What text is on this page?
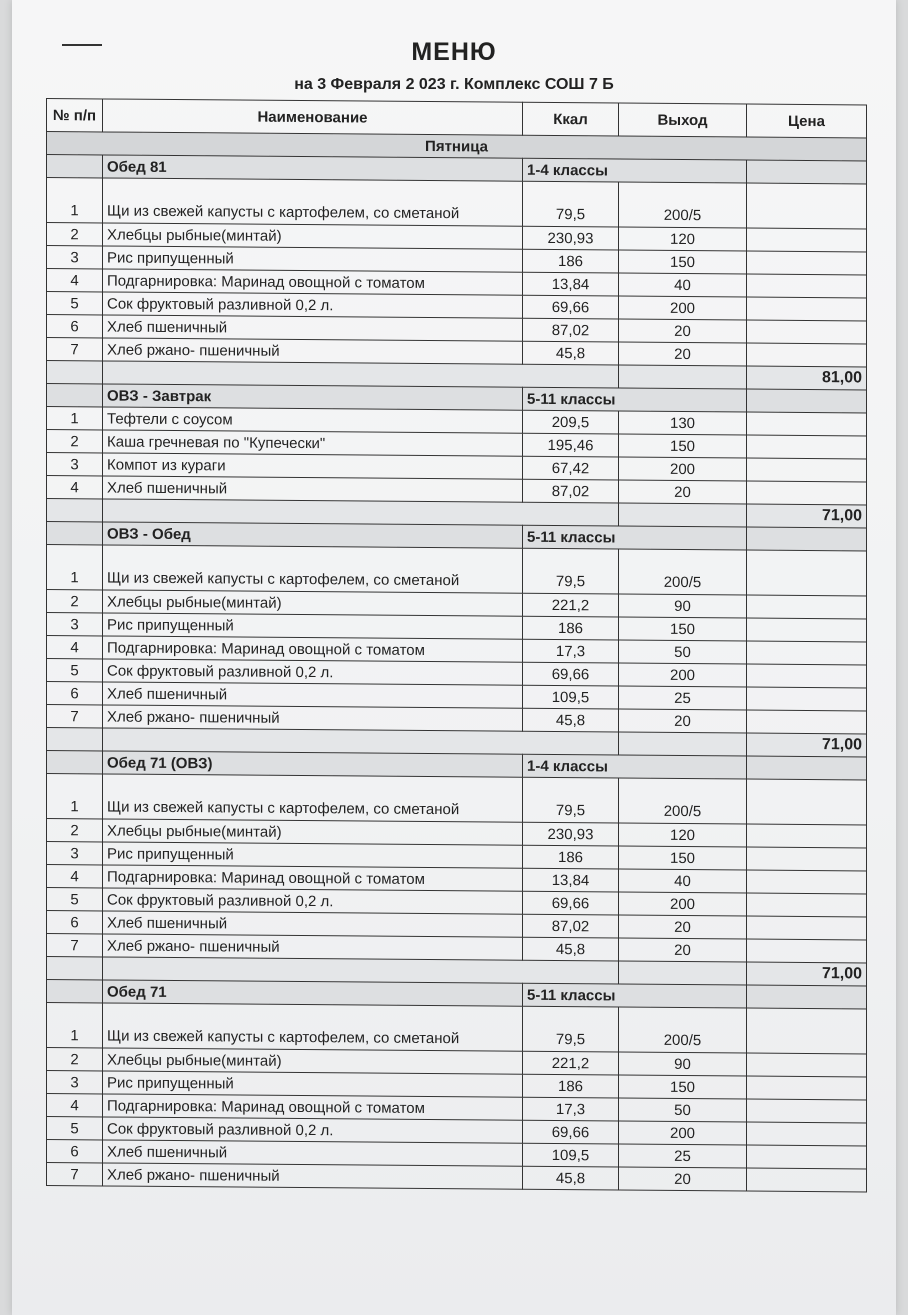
МЕНЮ
на 3 Февраля 2 023 г. Комплекс СОШ 7 Б
№ п/п	Наименование	Ккал	Выход	Цена
Пятница				
	Обед 81	1-4 классы		
1	Щи из свежей капусты с картофелем, со сметаной	79,5	200/5	
2	Хлебцы рыбные(минтай)	230,93	120	
3	Рис припущенный	186	150	
4	Подгарнировка: Маринад овощной с томатом	13,84	40	
5	Сок фруктовый разливной 0,2 л.	69,66	200	
6	Хлеб пшеничный	87,02	20	
7	Хлеб ржано- пшеничный	45,8	20	
				81,00
	ОВЗ - Завтрак	5-11 классы		
1	Тефтели с соусом	209,5	130	
2	Каша гречневая по "Купечески"	195,46	150	
3	Компот из кураги	67,42	200	
4	Хлеб пшеничный	87,02	20	
				71,00
	ОВЗ - Обед	5-11 классы		
1	Щи из свежей капусты с картофелем, со сметаной	79,5	200/5	
2	Хлебцы рыбные(минтай)	221,2	90	
3	Рис припущенный	186	150	
4	Подгарнировка: Маринад овощной с томатом	17,3	50	
5	Сок фруктовый разливной 0,2 л.	69,66	200	
6	Хлеб пшеничный	109,5	25	
7	Хлеб ржано- пшеничный	45,8	20	
				71,00
	Обед 71 (ОВЗ)	1-4 классы		
1	Щи из свежей капусты с картофелем, со сметаной	79,5	200/5	
2	Хлебцы рыбные(минтай)	230,93	120	
3	Рис припущенный	186	150	
4	Подгарнировка: Маринад овощной с томатом	13,84	40	
5	Сок фруктовый разливной 0,2 л.	69,66	200	
6	Хлеб пшеничный	87,02	20	
7	Хлеб ржано- пшеничный	45,8	20	
				71,00
	Обед 71	5-11 классы		
1	Щи из свежей капусты с картофелем, со сметаной	79,5	200/5	
2	Хлебцы рыбные(минтай)	221,2	90	
3	Рис припущенный	186	150	
4	Подгарнировка: Маринад овощной с томатом	17,3	50	
5	Сок фруктовый разливной 0,2 л.	69,66	200	
6	Хлеб пшеничный	109,5	25	
7	Хлеб ржано- пшеничный	45,8	20	
